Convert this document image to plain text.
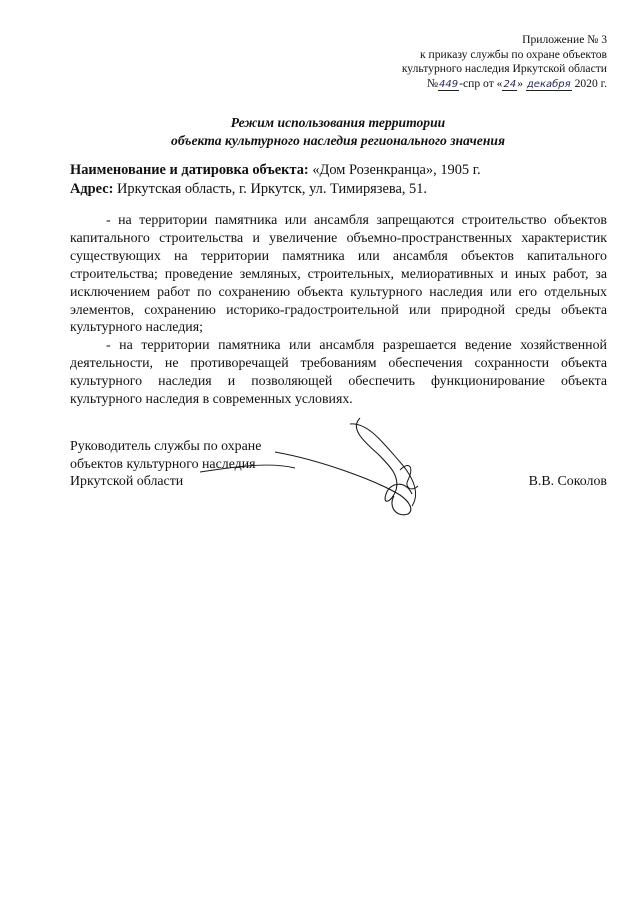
Приложение № 3
к приказу службы по охране объектов
культурного наследия Иркутской области
№449-спр от «24» декабря 2020 г.
Режим использования территории
объекта культурного наследия регионального значения
Наименование и датировка объекта: «Дом Розенкранца», 1905 г.
Адрес: Иркутская область, г. Иркутск, ул. Тимирязева, 51.

- на территории памятника или ансамбля запрещаются строительство объектов капитального строительства и увеличение объемно-пространственных характеристик существующих на территории памятника или ансамбля объектов капитального строительства; проведение земляных, строительных, мелиоративных и иных работ, за исключением работ по сохранению объекта культурного наследия или его отдельных элементов, сохранению историко-градостроительной или природной среды объекта культурного наследия;

- на территории памятника или ансамбля разрешается ведение хозяйственной деятельности, не противоречащей требованиям обеспечения сохранности объекта культурного наследия и позволяющей обеспечить функционирование объекта культурного наследия в современных условиях.

Руководитель службы по охране
объектов культурного наследия
Иркутской области	В.В. Соколов
